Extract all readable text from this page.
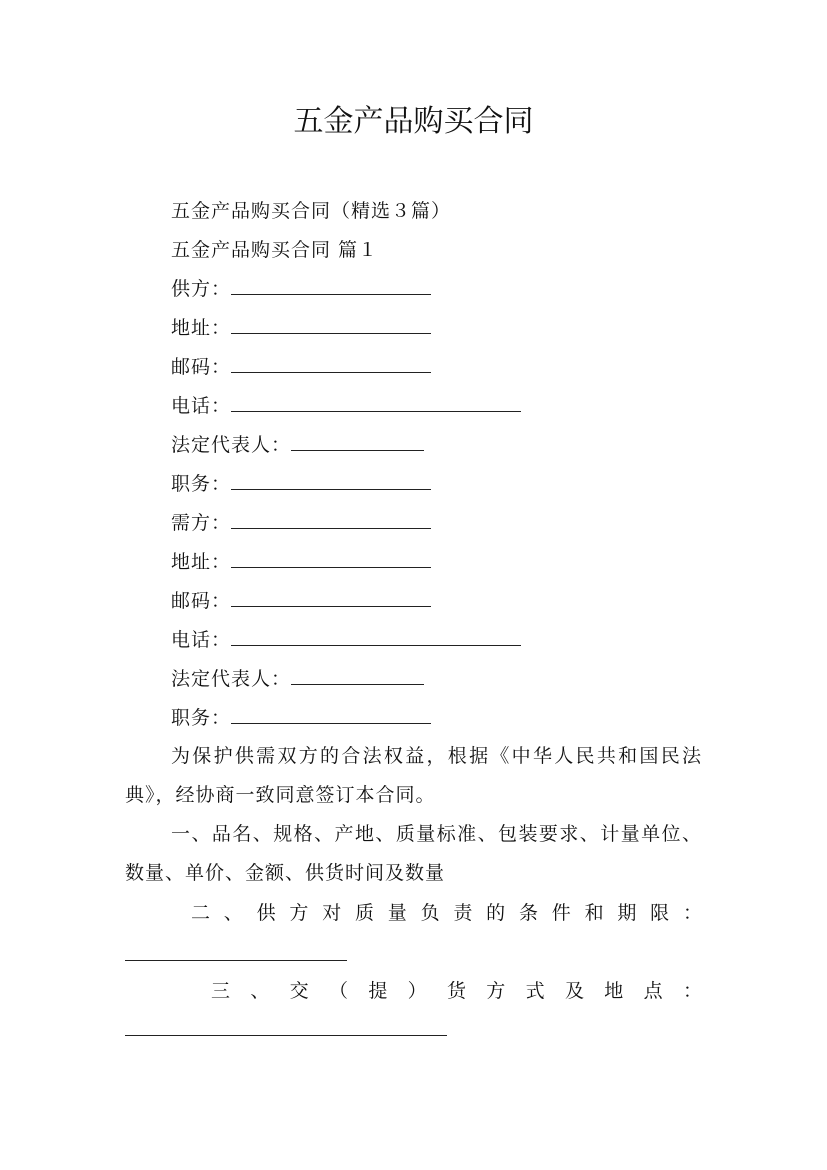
五金产品购买合同
五金产品购买合同（精选３篇）
五金产品购买合同 篇１
供方：
地址：
邮码：
电话：
法定代表人：
职务：
需方：
地址：
邮码：
电话：
法定代表人：
职务：
为保护供需双方的合法权益，根据《中华人民共和国民法典》，经协商一致同意签订本合同。
一、品名、规格、产地、质量标准、包装要求、计量单位、数量、单价、金额、供货时间及数量
二 、 供 方 对 质 量 负 责 的 条 件 和 期 限 ：
三 、 交 （ 提 ） 货 方 式 及 地 点 ：
